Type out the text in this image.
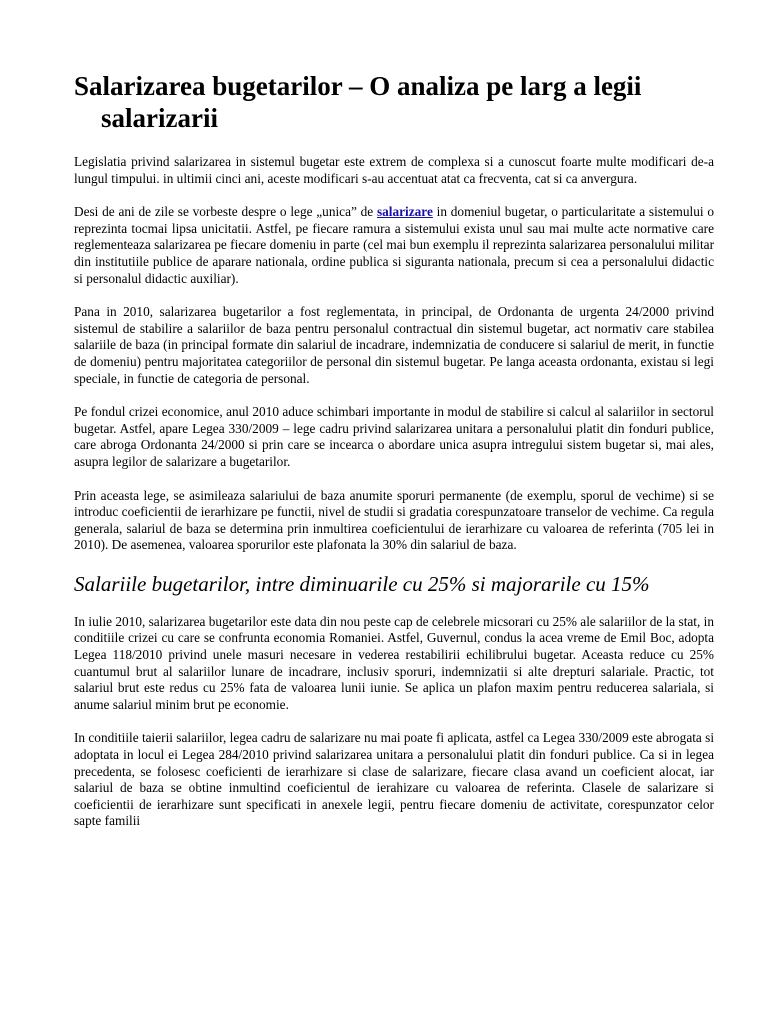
Salarizarea bugetarilor – O analiza pe larg a legii salarizarii

Legislatia privind salarizarea in sistemul bugetar este extrem de complexa si a cunoscut foarte multe modificari de-a lungul timpului. in ultimii cinci ani, aceste modificari s-au accentuat atat ca frecventa, cat si ca anvergura.

Desi de ani de zile se vorbeste despre o lege „unica” de salarizare in domeniul bugetar, o particularitate a sistemului o reprezinta tocmai lipsa unicitatii. Astfel, pe fiecare ramura a sistemului exista unul sau mai multe acte normative care reglementeaza salarizarea pe fiecare domeniu in parte (cel mai bun exemplu il reprezinta salarizarea personalului militar din institutiile publice de aparare nationala, ordine publica si siguranta nationala, precum si cea a personalului didactic si personalul didactic auxiliar).

Pana in 2010, salarizarea bugetarilor a fost reglementata, in principal, de Ordonanta de urgenta 24/2000 privind sistemul de stabilire a salariilor de baza pentru personalul contractual din sistemul bugetar, act normativ care stabilea salariile de baza (in principal formate din salariul de incadrare, indemnizatia de conducere si salariul de merit, in functie de domeniu) pentru majoritatea categoriilor de personal din sistemul bugetar. Pe langa aceasta ordonanta, existau si legi speciale, in functie de categoria de personal.

Pe fondul crizei economice, anul 2010 aduce schimbari importante in modul de stabilire si calcul al salariilor in sectorul bugetar. Astfel, apare Legea 330/2009 – lege cadru privind salarizarea unitara a personalului platit din fonduri publice, care abroga Ordonanta 24/2000 si prin care se incearca o abordare unica asupra intregului sistem bugetar si, mai ales, asupra legilor de salarizare a bugetarilor.

Prin aceasta lege, se asimileaza salariului de baza anumite sporuri permanente (de exemplu, sporul de vechime) si se introduc coeficientii de ierarhizare pe functii, nivel de studii si gradatia corespunzatoare transelor de vechime. Ca regula generala, salariul de baza se determina prin inmultirea coeficientului de ierarhizare cu valoarea de referinta (705 lei in 2010). De asemenea, valoarea sporurilor este plafonata la 30% din salariul de baza.

Salariile bugetarilor, intre diminuarile cu 25% si majorarile cu 15%

In iulie 2010, salarizarea bugetarilor este data din nou peste cap de celebrele micsorari cu 25% ale salariilor de la stat, in conditiile crizei cu care se confrunta economia Romaniei. Astfel, Guvernul, condus la acea vreme de Emil Boc, adopta Legea 118/2010 privind unele masuri necesare in vederea restabilirii echilibrului bugetar. Aceasta reduce cu 25% cuantumul brut al salariilor lunare de incadrare, inclusiv sporuri, indemnizatii si alte drepturi salariale. Practic, tot salariul brut este redus cu 25% fata de valoarea lunii iunie. Se aplica un plafon maxim pentru reducerea salariala, si anume salariul minim brut pe economie.

In conditiile taierii salariilor, legea cadru de salarizare nu mai poate fi aplicata, astfel ca Legea 330/2009 este abrogata si adoptata in locul ei Legea 284/2010 privind salarizarea unitara a personalului platit din fonduri publice. Ca si in legea precedenta, se folosesc coeficienti de ierarhizare si clase de salarizare, fiecare clasa avand un coeficient alocat, iar salariul de baza se obtine inmultind coeficientul de ierahizare cu valoarea de referinta. Clasele de salarizare si coeficientii de ierarhizare sunt specificati in anexele legii, pentru fiecare domeniu de activitate, corespunzator celor sapte familii
